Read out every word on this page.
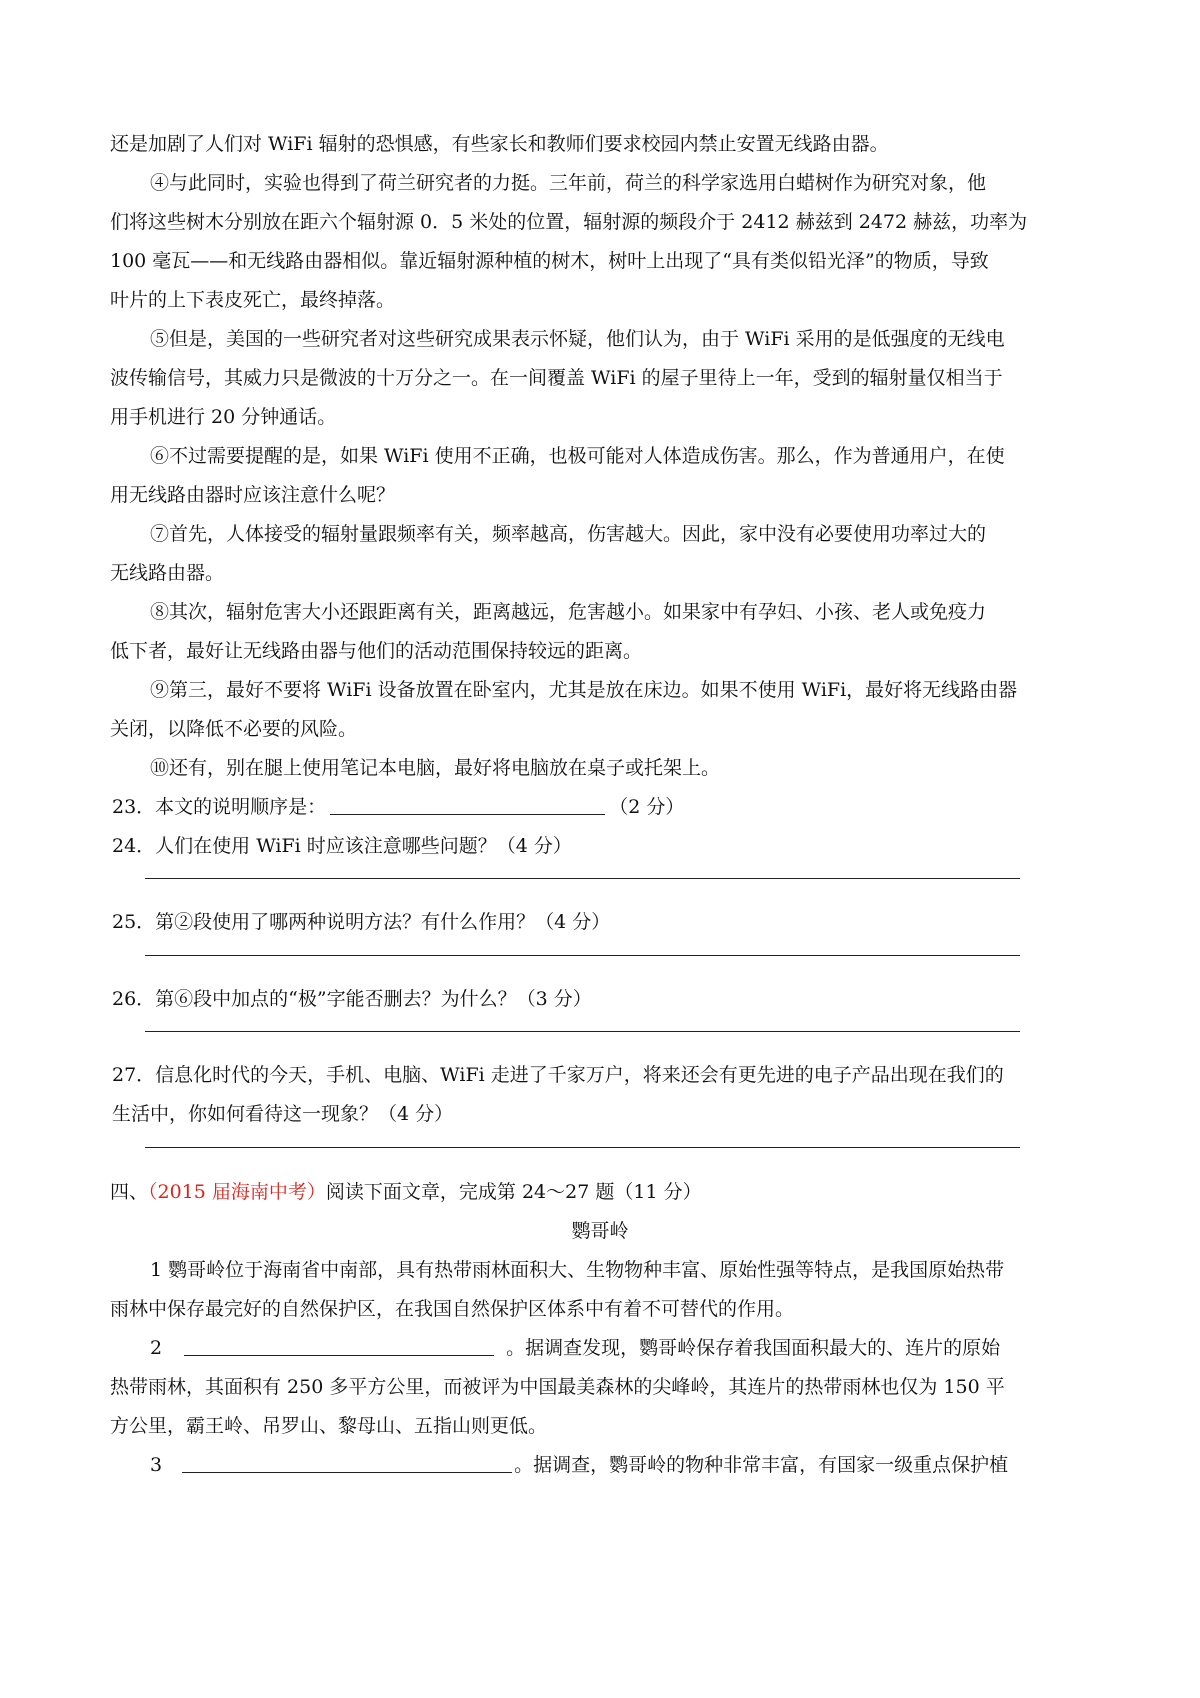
还是加剧了人们对 WiFi 辐射的恐惧感，有些家长和教师们要求校园内禁止安置无线路由器。
④与此同时，实验也得到了荷兰研究者的力挺。三年前，荷兰的科学家选用白蜡树作为研究对象，他
们将这些树木分别放在距六个辐射源 0．5 米处的位置，辐射源的频段介于 2412 赫兹到 2472 赫兹，功率为
100 毫瓦——和无线路由器相似。靠近辐射源种植的树木，树叶上出现了“具有类似铅光泽”的物质，导致
叶片的上下表皮死亡，最终掉落。
⑤但是，美国的一些研究者对这些研究成果表示怀疑，他们认为，由于 WiFi 采用的是低强度的无线电
波传输信号，其威力只是微波的十万分之一。在一间覆盖 WiFi 的屋子里待上一年，受到的辐射量仅相当于
用手机进行 20 分钟通话。
⑥不过需要提醒的是，如果 WiFi 使用不正确，也极可能对人体造成伤害。那么，作为普通用户，在使
用无线路由器时应该注意什么呢？
⑦首先，人体接受的辐射量跟频率有关，频率越高，伤害越大。因此，家中没有必要使用功率过大的
无线路由器。
⑧其次，辐射危害大小还跟距离有关，距离越远，危害越小。如果家中有孕妇、小孩、老人或免疫力
低下者，最好让无线路由器与他们的活动范围保持较远的距离。
⑨第三，最好不要将 WiFi 设备放置在卧室内，尤其是放在床边。如果不使用 WiFi，最好将无线路由器
关闭，以降低不必要的风险。
⑩还有，别在腿上使用笔记本电脑，最好将电脑放在桌子或托架上。
23．本文的说明顺序是：	（2 分）
24．人们在使用 WiFi 时应该注意哪些问题？（4 分）
25．第②段使用了哪两种说明方法？有什么作用？（4 分）
26．第⑥段中加点的“极”字能否删去？为什么？（3 分）
27．信息化时代的今天，手机、电脑、WiFi 走进了千家万户，将来还会有更先进的电子产品出现在我们的
生活中，你如何看待这一现象？（4 分）
四、（2015 届海南中考）阅读下面文章，完成第 24～27 题（11 分）
鹦哥岭
1 鹦哥岭位于海南省中南部，具有热带雨林面积大、生物物种丰富、原始性强等特点，是我国原始热带
雨林中保存最完好的自然保护区，在我国自然保护区体系中有着不可替代的作用。
2	。据调查发现，鹦哥岭保存着我国面积最大的、连片的原始
热带雨林，其面积有 250 多平方公里，而被评为中国最美森林的尖峰岭，其连片的热带雨林也仅为 150 平
方公里，霸王岭、吊罗山、黎母山、五指山则更低。
3	。据调查，鹦哥岭的物种非常丰富，有国家一级重点保护植
